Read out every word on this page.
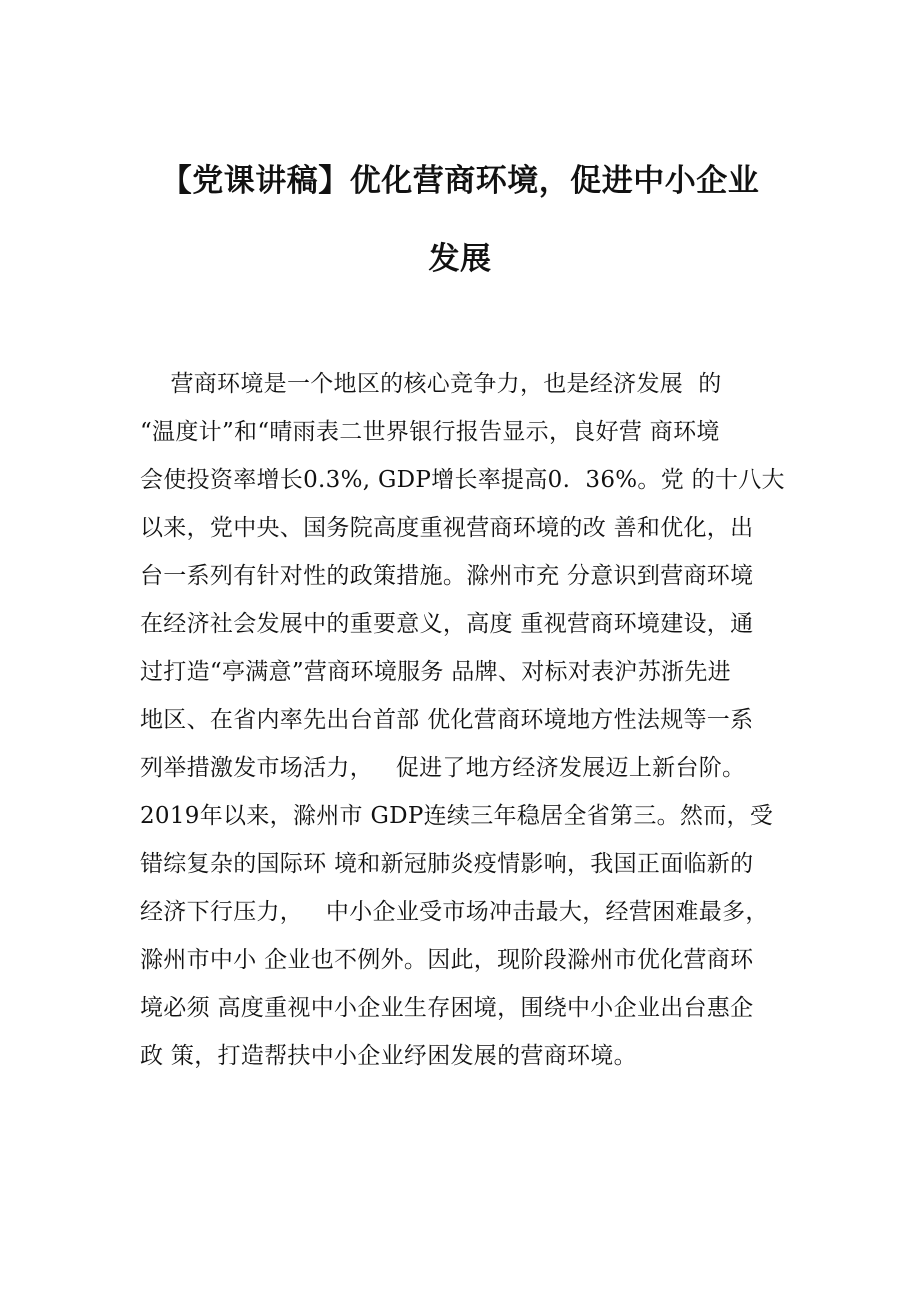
【党课讲稿】优化营商环境，促进中小企业
发展
营商环境是一个地区的核心竞争力，也是经济发展  的
“温度计”和“晴雨表二世界银行报告显示，良好营 商环境
会使投资率增长0.3%, GDP增长率提高0.  36%。党 的十八大
以来，党中央、国务院高度重视营商环境的改 善和优化，出
台一系列有针对性的政策措施。滁州市充 分意识到营商环境
在经济社会发展中的重要意义，高度 重视营商环境建设，通
过打造“亭满意”营商环境服务 品牌、对标对表沪苏浙先进
地区、在省内率先出台首部 优化营商环境地方性法规等一系
列举措激发市场活力，   促进了地方经济发展迈上新台阶。
2019年以来，滁州市 GDP连续三年稳居全省第三。然而，受
错综复杂的国际环 境和新冠肺炎疫情影响，我国正面临新的
经济下行压力，   中小企业受市场冲击最大，经营困难最多，
滁州市中小 企业也不例外。因此，现阶段滁州市优化营商环
境必须 高度重视中小企业生存困境，围绕中小企业出台惠企
政 策，打造帮扶中小企业纾困发展的营商环境。
